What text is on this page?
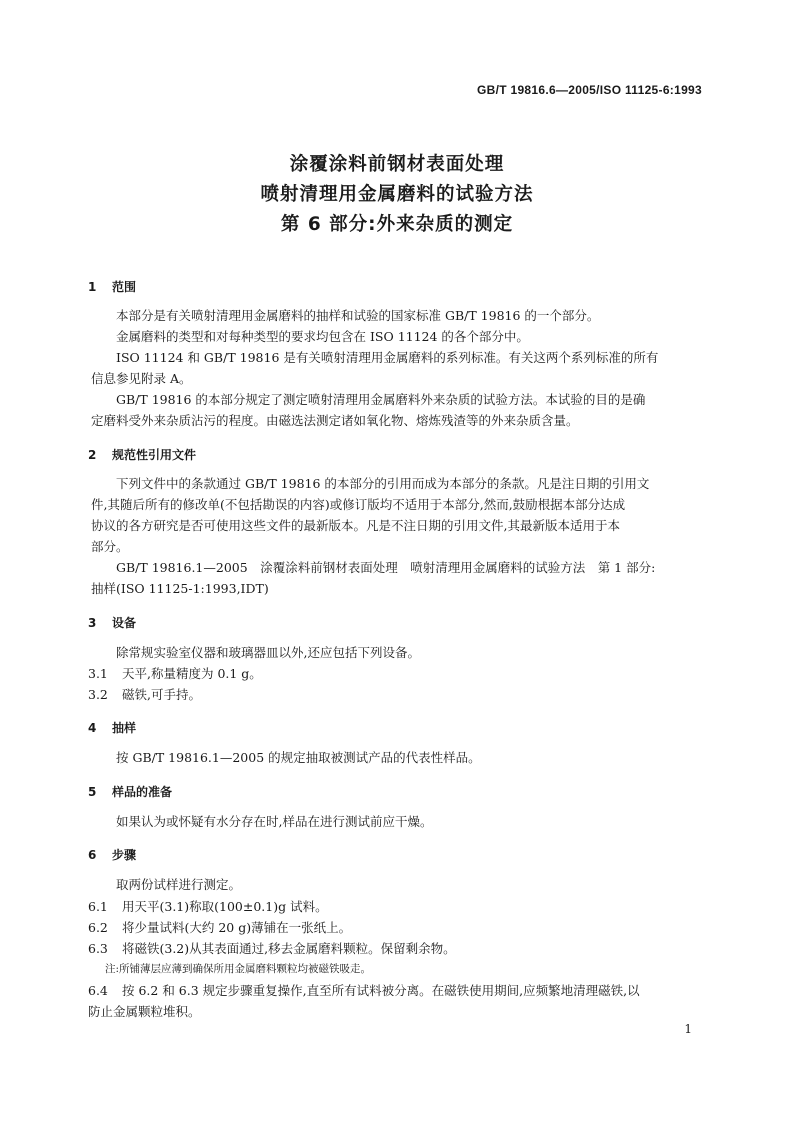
GB/T 19816.6—2005/ISO 11125-6:1993
涂覆涂料前钢材表面处理
喷射清理用金属磨料的试验方法
第 6 部分:外来杂质的测定
1 范围
本部分是有关喷射清理用金属磨料的抽样和试验的国家标准 GB/T 19816 的一个部分。
金属磨料的类型和对每种类型的要求均包含在 ISO 11124 的各个部分中。
ISO 11124 和 GB/T 19816 是有关喷射清理用金属磨料的系列标准。有关这两个系列标准的所有
信息参见附录 A。
GB/T 19816 的本部分规定了测定喷射清理用金属磨料外来杂质的试验方法。本试验的目的是确
定磨料受外来杂质沾污的程度。由磁选法测定诸如氧化物、熔炼残渣等的外来杂质含量。
2 规范性引用文件
下列文件中的条款通过 GB/T 19816 的本部分的引用而成为本部分的条款。凡是注日期的引用文
件,其随后所有的修改单(不包括勘误的内容)或修订版均不适用于本部分,然而,鼓励根据本部分达成
协议的各方研究是否可使用这些文件的最新版本。凡是不注日期的引用文件,其最新版本适用于本
部分。
GB/T 19816.1—2005　涂覆涂料前钢材表面处理　喷射清理用金属磨料的试验方法　第 1 部分:
抽样(ISO 11125-1:1993,IDT)
3 设备
除常规实验室仪器和玻璃器皿以外,还应包括下列设备。
3.1 天平,称量精度为 0.1 g。
3.2 磁铁,可手持。
4 抽样
按 GB/T 19816.1—2005 的规定抽取被测试产品的代表性样品。
5 样品的准备
如果认为或怀疑有水分存在时,样品在进行测试前应干燥。
6 步骤
取两份试样进行测定。
6.1 用天平(3.1)称取(100±0.1)g 试料。
6.2 将少量试料(大约 20 g)薄铺在一张纸上。
6.3 将磁铁(3.2)从其表面通过,移去金属磨料颗粒。保留剩余物。
注:所铺薄层应薄到确保所用金属磨料颗粒均被磁铁吸走。
6.4 按 6.2 和 6.3 规定步骤重复操作,直至所有试料被分离。在磁铁使用期间,应频繁地清理磁铁,以
防止金属颗粒堆积。
1
